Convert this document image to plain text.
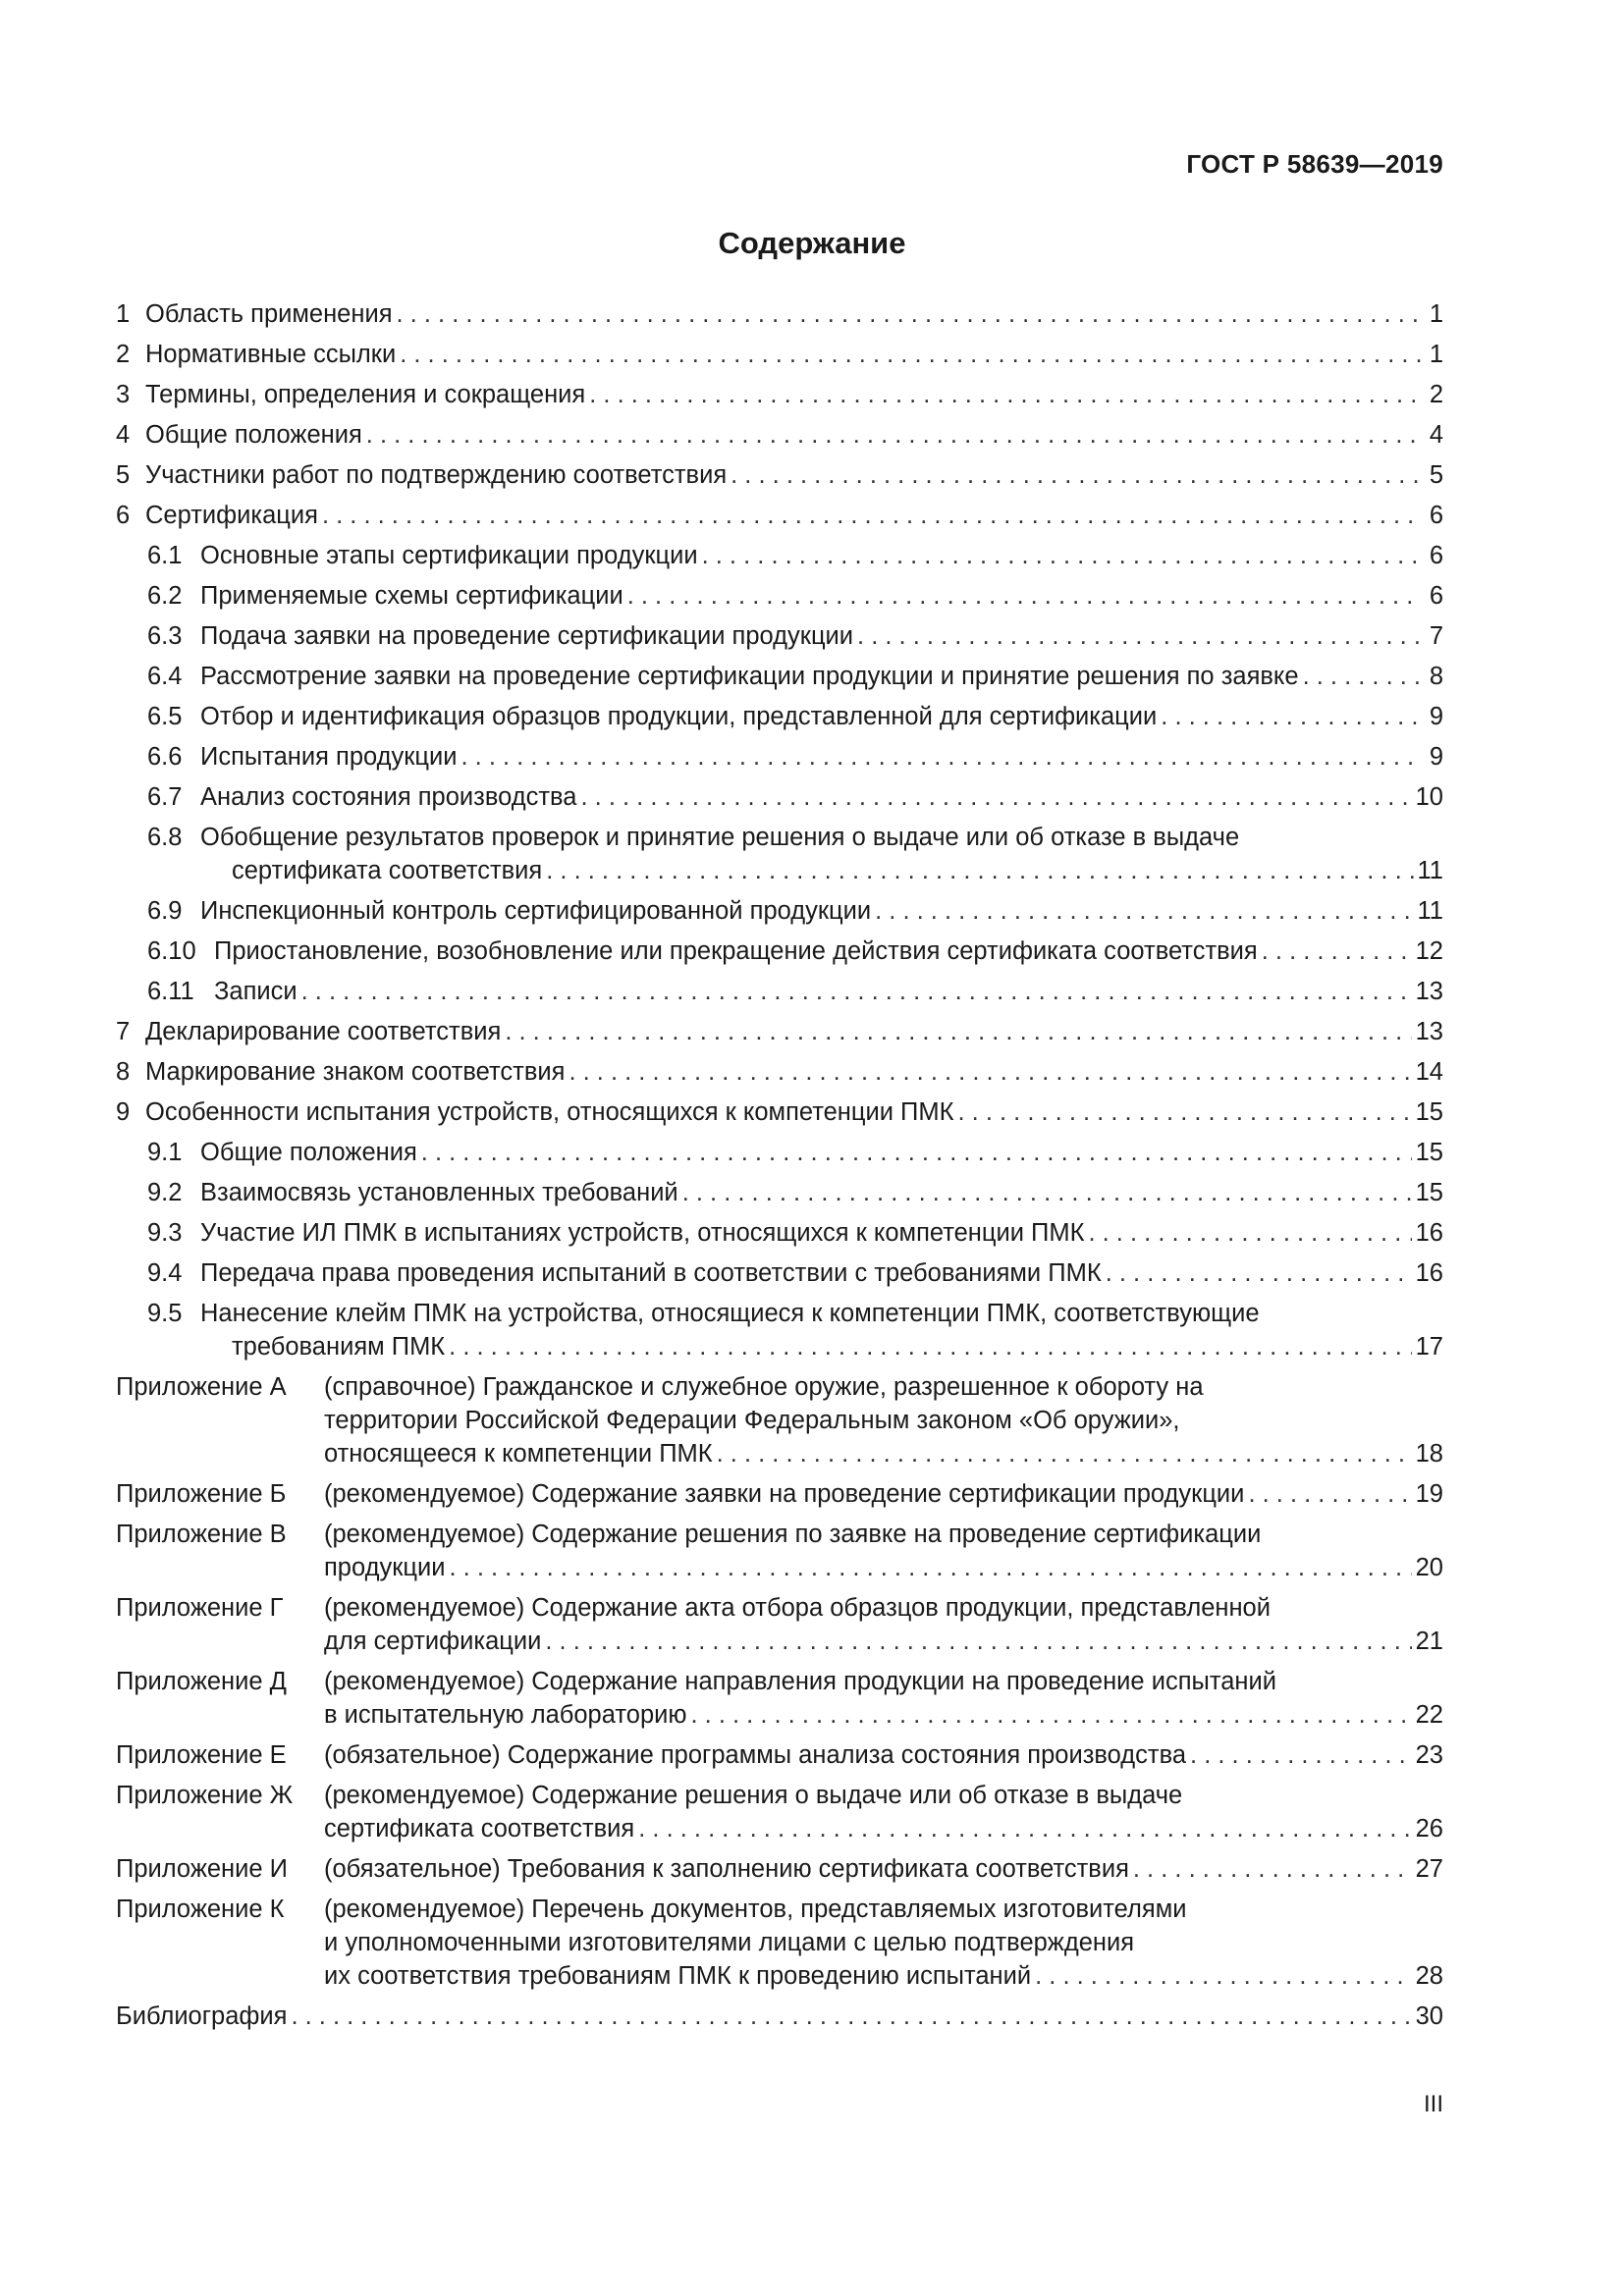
ГОСТ Р 58639—2019
Содержание
1 Область применения . . .	1
2 Нормативные ссылки . . .	1
3 Термины, определения и сокращения . . .	2
4 Общие положения . . .	4
5 Участники работ по подтверждению соответствия . . .	5
6 Сертификация . . .	6
6.1 Основные этапы сертификации продукции . . .	6
6.2 Применяемые схемы сертификации . . .	6
6.3 Подача заявки на проведение сертификации продукции . . .	7
6.4 Рассмотрение заявки на проведение сертификации продукции и принятие решения по заявке . . .	8
6.5 Отбор и идентификация образцов продукции, представленной для сертификации . . .	9
6.6 Испытания продукции . . .	9
6.7 Анализ состояния производства . . .	10
6.8 Обобщение результатов проверок и принятие решения о выдаче или об отказе в выдаче
сертификата соответствия . . .	11
6.9 Инспекционный контроль сертифицированной продукции . . .	11
6.10 Приостановление, возобновление или прекращение действия сертификата соответствия . . .	12
6.11 Записи . . .	13
7 Декларирование соответствия . . .	13
8 Маркирование знаком соответствия . . .	14
9 Особенности испытания устройств, относящихся к компетенции ПМК . . .	15
9.1 Общие положения . . .	15
9.2 Взаимосвязь установленных требований . . .	15
9.3 Участие ИЛ ПМК в испытаниях устройств, относящихся к компетенции ПМК . . .	16
9.4 Передача права проведения испытаний в соответствии с требованиями ПМК . . .	16
9.5 Нанесение клейм ПМК на устройства, относящиеся к компетенции ПМК, соответствующие
требованиям ПМК . . .	17
Приложение А	(справочное) Гражданское и служебное оружие, разрешенное к обороту на
территории Российской Федерации Федеральным законом «Об оружии»,
относящееся к компетенции ПМК . . .	18
Приложение Б	(рекомендуемое) Содержание заявки на проведение сертификации продукции . . .	19
Приложение В	(рекомендуемое) Содержание решения по заявке на проведение сертификации
продукции . . .	20
Приложение Г	(рекомендуемое) Содержание акта отбора образцов продукции, представленной
для сертификации . . .	21
Приложение Д	(рекомендуемое) Содержание направления продукции на проведение испытаний
в испытательную лабораторию . . .	22
Приложение Е	(обязательное) Содержание программы анализа состояния производства . . .	23
Приложение Ж	(рекомендуемое) Содержание решения о выдаче или об отказе в выдаче
сертификата соответствия . . .	26
Приложение И	(обязательное) Требования к заполнению сертификата соответствия . . .	27
Приложение К	(рекомендуемое) Перечень документов, представляемых изготовителями
и уполномоченными изготовителями лицами с целью подтверждения
их соответствия требованиям ПМК к проведению испытаний . . .	28
Библиография . . .	30
III
